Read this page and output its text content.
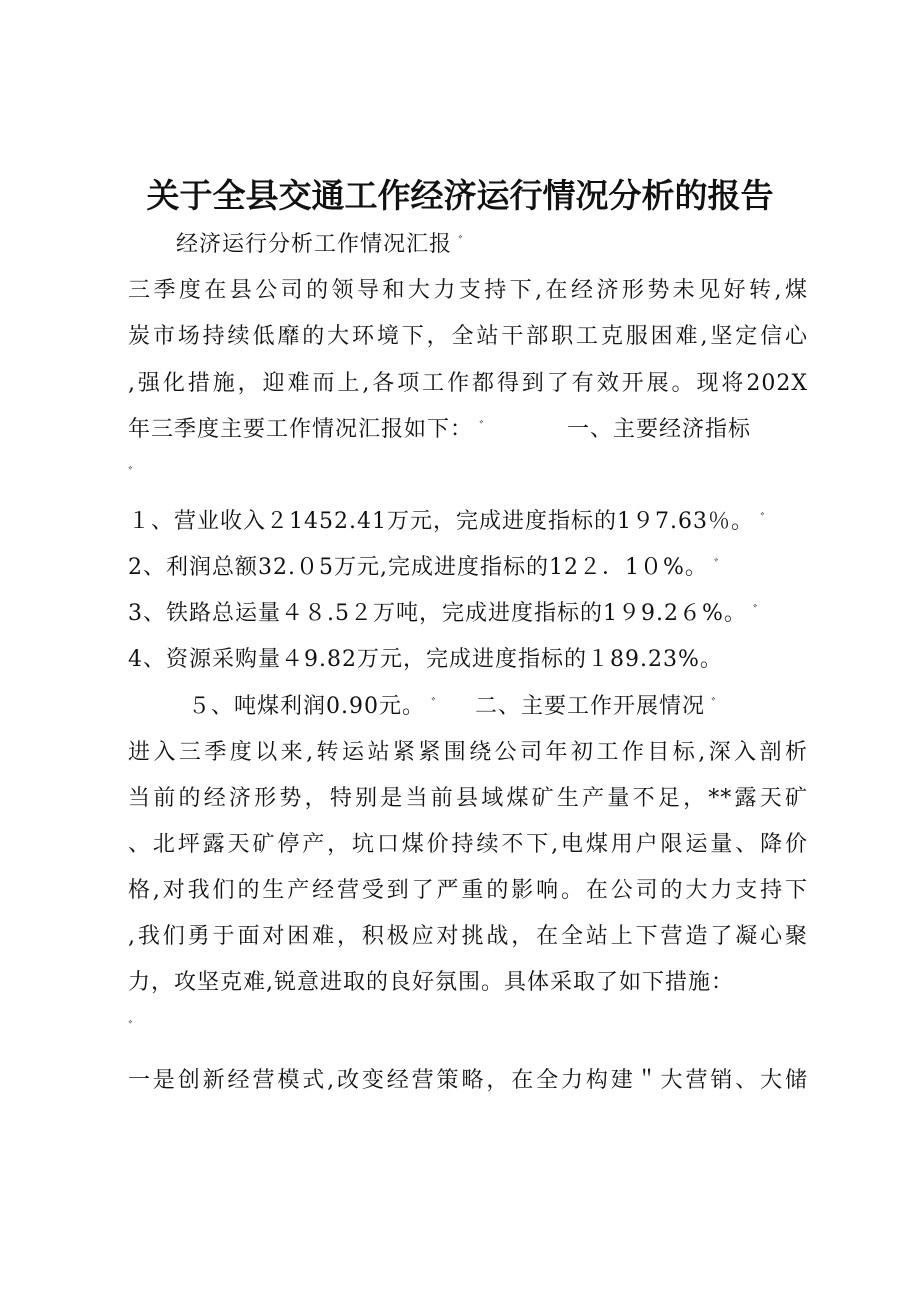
关于全县交通工作经济运行情况分析的报告
经济运行分析工作情况汇报 ﾞ
三季度在县公司的领导和大力支持下,在经济形势未见好转,煤
炭市场持续低靡的大环境下，全站干部职工克服困难,坚定信心
,强化措施，迎难而上,各项工作都得到了有效开展。现将202X
年三季度主要工作情况汇报如下： ﾞ	一、主要经济指标
ﾞ
１、营业收入２1452.41万元，完成进度指标的1９7.63％。 ﾞ
2、利润总额32.０5万元,完成进度指标的12２．1０%。 ﾞ
3、铁路总运量４８.5２万吨，完成进度指标的1９9.2６%。 ﾞ
4、资源采购量４9.82万元，完成进度指标的１89.23%。
５、吨煤利润0.90元。 ﾞ 二、主要工作开展情况 ﾞ
进入三季度以来,转运站紧紧围绕公司年初工作目标,深入剖析
当前的经济形势，特别是当前县域煤矿生产量不足，**露天矿
、北坪露天矿停产，坑口煤价持续不下,电煤用户限运量、降价
格,对我们的生产经营受到了严重的影响。在公司的大力支持下
,我们勇于面对困难，积极应对挑战，在全站上下营造了凝心聚
力，攻坚克难,锐意进取的良好氛围。具体采取了如下措施：
ﾞ
一是创新经营模式,改变经营策略，在全力构建＂大营销、大储
